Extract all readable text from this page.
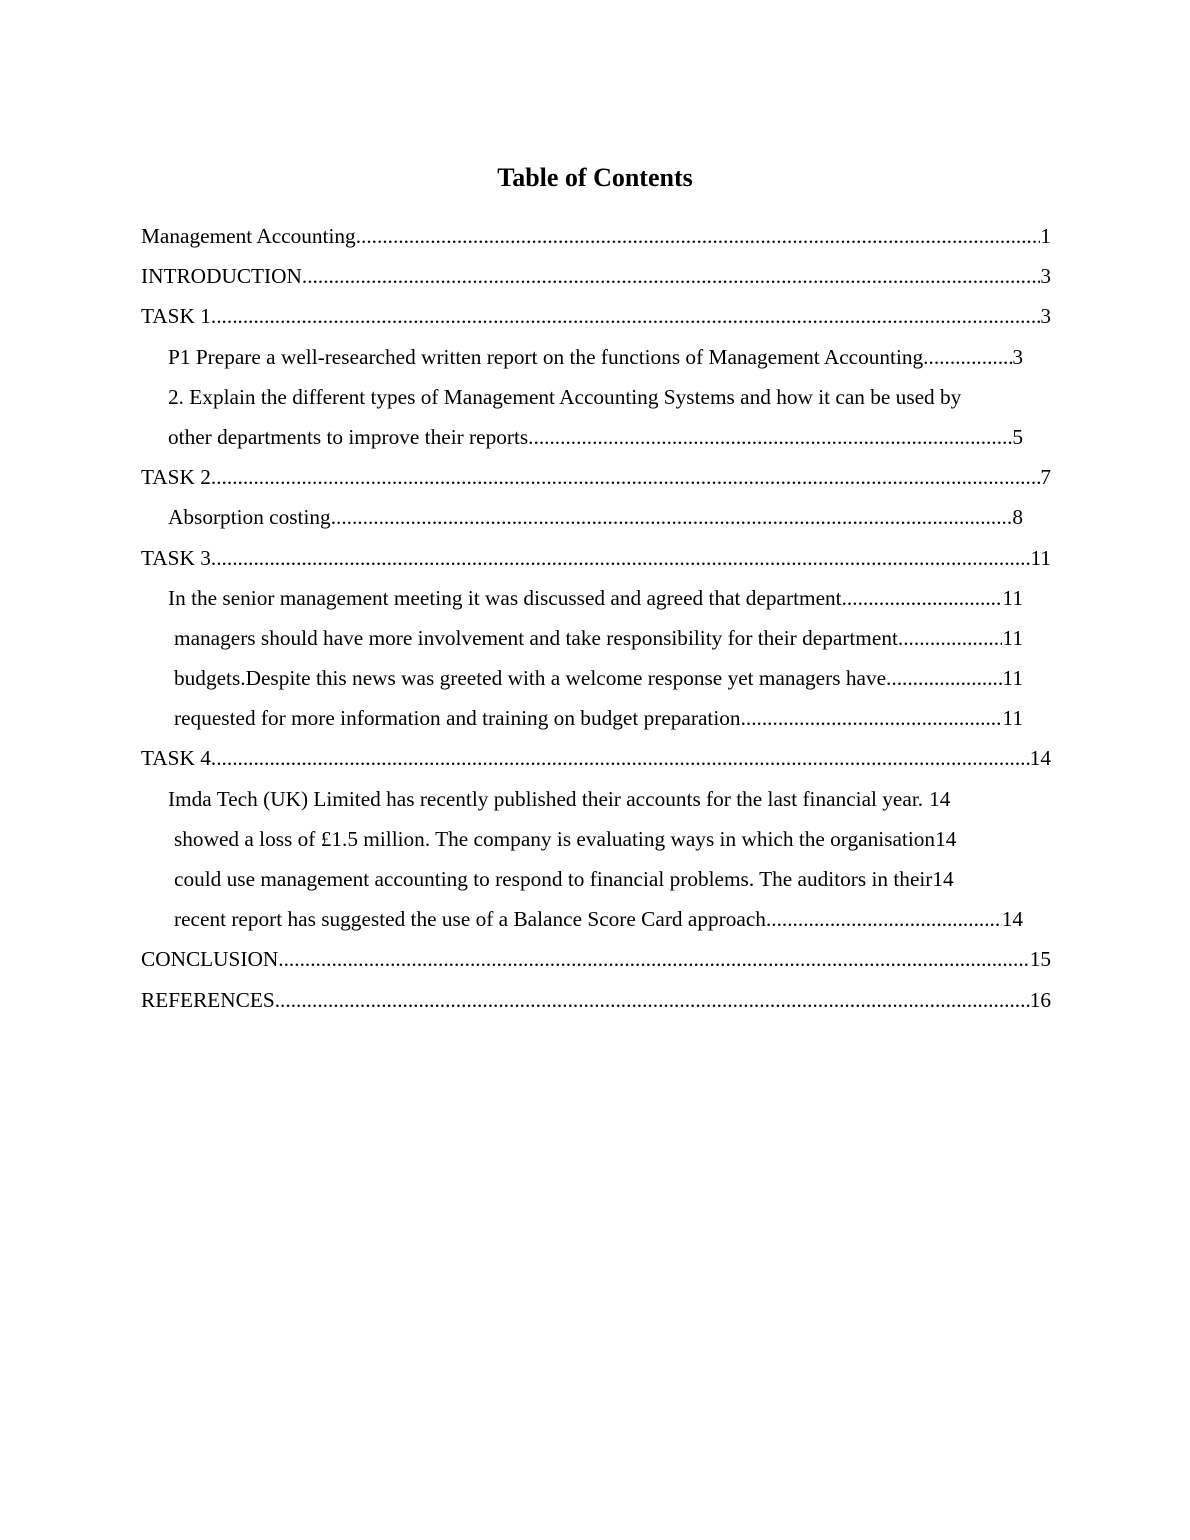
Table of Contents
Management Accounting .....	1
INTRODUCTION .....	3
TASK 1 .....	3
P1 Prepare a well-researched written report on the functions of Management Accounting. .....	3
2. Explain the different types of Management Accounting Systems and how it can be used by
other departments to improve their reports .....	5
TASK 2 .....	7
Absorption costing .....	8
TASK 3 .....	11
In the senior management meeting it was discussed and agreed that department .....	11
managers should have more involvement and take responsibility for their department. .....	11
budgets.Despite this news was greeted with a welcome response yet managers have. .....	11
requested for more information and training on budget preparation .....	11
TASK 4 .....	14
Imda Tech (UK) Limited has recently published their accounts for the last financial year. 14
showed a loss of £1.5 million. The company is evaluating ways in which the organisation 14
could use management accounting to respond to financial problems. The auditors in their 14
recent report has suggested the use of a Balance Score Card approach .....	14
CONCLUSION .....	15
REFERENCES .....	16
